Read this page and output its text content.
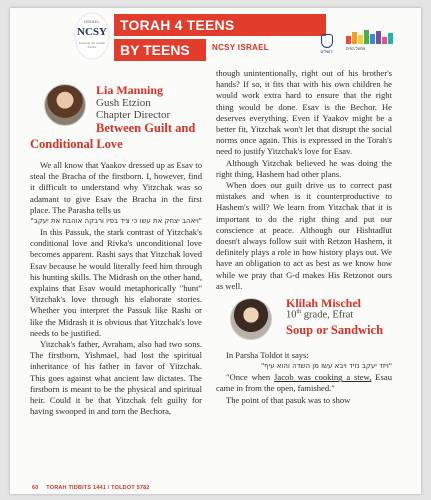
ISRAEL
NCSY
Inspiring the Jewish Future
TORAH 4 TEENS
BY TEENS	NCSY ISRAEL	ירושלים
מפעל הפיס
Lia Manning
Gush Etzion
Chapter Director
Between Guilt and
Conditional Love

We all know that Yaakov dressed up as Esav to steal the Bracha of the firstborn. I, however, find it difficult to understand why Yitzchak was so adamant to give Esav the Bracha in the first place. The Parasha tells us

"ויאהב יצחק את עשו כי ציד בפיו ורבקה אוהבת את יעקב"

In this Passuk, the stark contrast of Yitzchak's conditional love and Rivka's unconditional love becomes apparent. Rashi says that Yitzchak loved Esav because he would literally feed him through his hunting skills. The Midrash on the other hand, explains that Esav would metaphorically "hunt" Yitzchak's love through his elaborate stories. Whether you interpret the Passuk like Rashi or like the Midrash it is obvious that Yitzchak's love needs to be justified.

Yitzchak's father, Avraham, also had two sons. The firstborn, Yishmael, had lost the spiritual inheritance of his father in favor of Yitzchak. This goes against what ancient law dictates. The firstborn is meant to be the physical and spiritual heir. Could it be that Yitzchak felt guilty for having swooped in and torn the Bechora,

though unintentionally, right out of his brother's hands? If so, it fits that with his own children he would work extra hard to ensure that the right thing would be done. Esav is the Bechor. He deserves everything. Even if Yaakov might be a better fit, Yitzchak won't let that disrupt the social norms once again. This is expressed in the Torah's need to justify Yitzchak's love for Esav.

Although Yitzchak believed he was doing the right thing, Hashem had other plans.

When does our guilt drive us to correct past mistakes and when is it counterproductive to Hashem's will? We learn from Yitzchak that it is important to do the right thing and put our conscience at peace. Although our Hishtadlut doesn't always follow suit with Retzon Hashem, it definitely plays a role in how history plays out. We have an obligation to act as best as we know how while we pray that G-d makes His Retzonot ours as well.

Klilah Mischel
10th grade, Efrat
Soup or Sandwich

In Parsha Toldot it says:

"ויזד יעקב נזיד ויבא עשו מן השדה והוא עיף"

"Once when Jacob was cooking a stew, Esau came in from the open, famished."

The point of that pasuk was to show

60 TORAH TIDBITS 1441 / TOLDOT 5782
